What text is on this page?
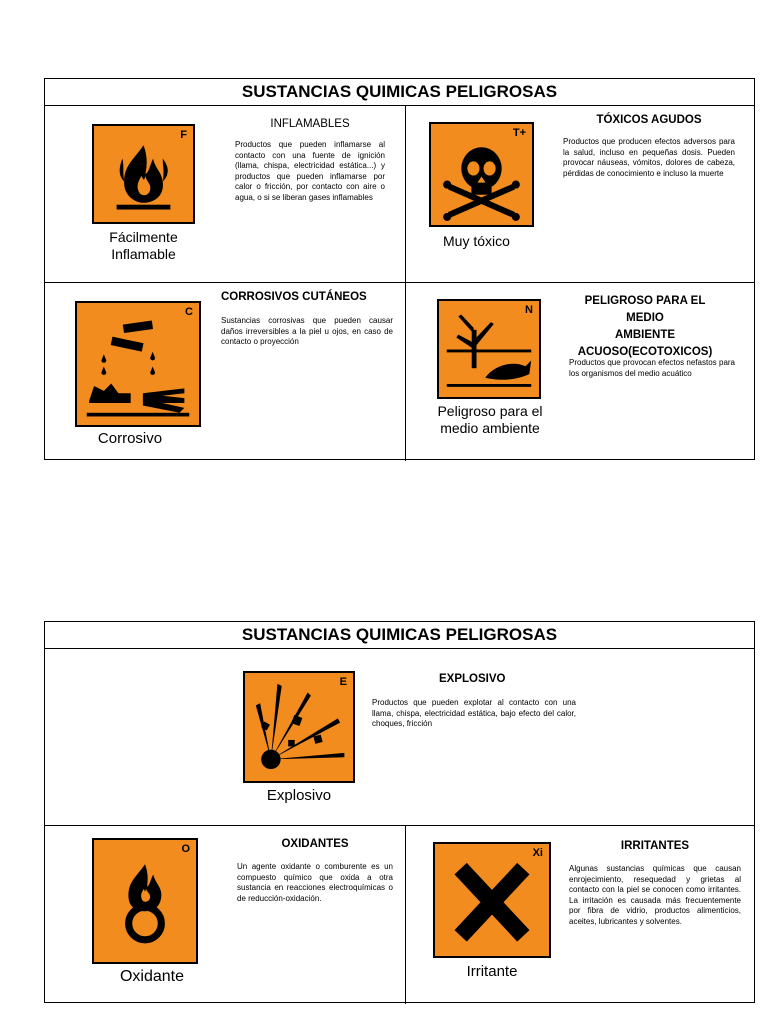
SUSTANCIAS QUIMICAS PELIGROSAS
F
Fácilmente
Inflamable
INFLAMABLES
Productos que pueden inflamarse al contacto con una fuente de ignición (llama, chispa, electricidad estática...) y productos que pueden inflamarse por calor o fricción, por contacto con aire o agua, o si se liberan gases inflamables
T+
Muy tóxico
TÓXICOS AGUDOS
Productos que producen efectos adversos para la salud, incluso en pequeñas dosis. Pueden provocar náuseas, vómitos, dolores de cabeza, pérdidas de conocimiento e incluso la muerte
C
Corrosivo
CORROSIVOS CUTÁNEOS
Sustancias corrosivas que pueden causar daños irreversibles a la piel u ojos, en caso de contacto o proyección
N
Peligroso para el
medio ambiente
PELIGROSO PARA EL MEDIO
AMBIENTE
ACUOSO(ECOTOXICOS)
Productos que provocan efectos nefastos para los organismos del medio acuático
SUSTANCIAS QUIMICAS PELIGROSAS
E
Explosivo
EXPLOSIVO
Productos que pueden explotar al contacto con una llama, chispa, electricidad estática, bajo efecto del calor, choques, fricción
O
Oxidante
OXIDANTES
Un agente oxidante o comburente es un compuesto químico que oxida a otra sustancia en reacciones electroquímicas o de reducción-oxidación.
Xi
Irritante
IRRITANTES
Algunas sustancias químicas que causan enrojecimiento, resequedad y grietas al contacto con la piel se conocen como irritantes. La irritación es causada más frecuentemente por fibra de vidrio, productos alimenticios, aceites, lubricantes y solventes.
